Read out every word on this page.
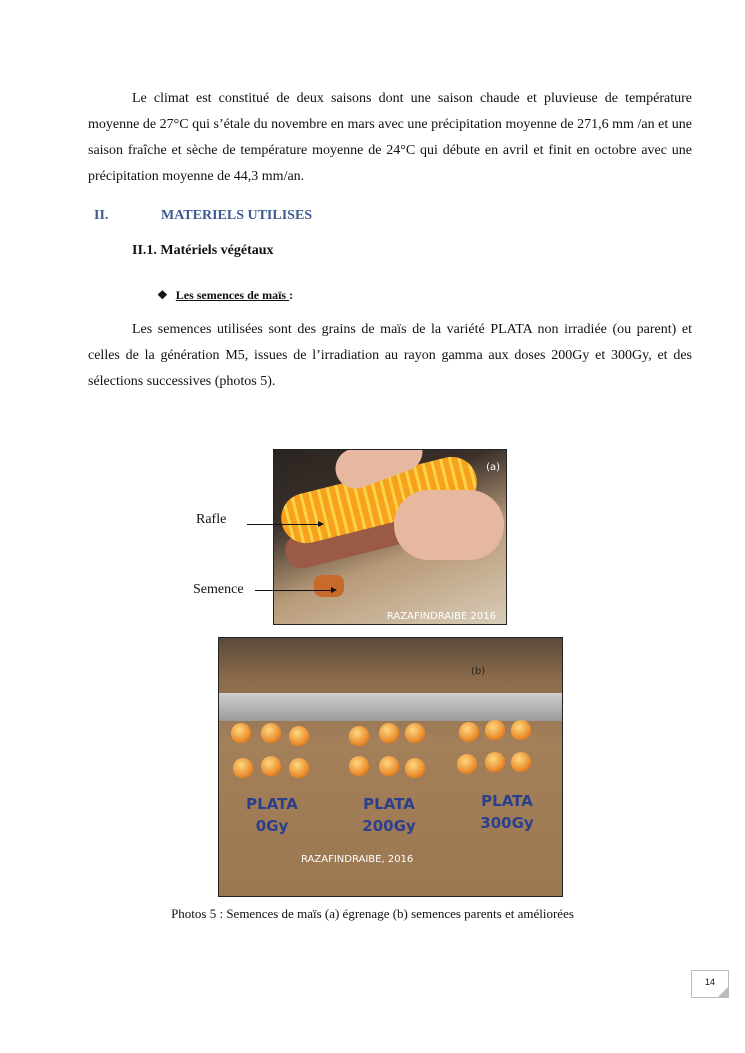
Le climat est constitué de deux saisons dont une saison chaude et pluvieuse de température moyenne de 27°C qui s’étale du novembre en mars avec une précipitation moyenne de 271,6 mm /an et une saison fraîche et sèche de température moyenne de 24°C qui débute en avril et finit en octobre avec une précipitation moyenne de 44,3 mm/an.

II.	MATERIELS UTILISES
II.1. Matériels végétaux
❖ Les semences de maïs :

Les semences utilisées sont des grains de maïs de la variété PLATA non irradiée (ou parent) et celles de la génération M5, issues de l’irradiation au rayon gamma aux doses 200Gy et 300Gy, et des sélections successives (photos 5).

(a)
RAZAFINDRAIBE 2016
Rafle
Semence
PLATA
0Gy
PLATA
200Gy
PLATA
300Gy
(b)
RAZAFINDRAIBE, 2016
Photos 5 : Semences de maïs (a) égrenage (b) semences parents et améliorées
14
